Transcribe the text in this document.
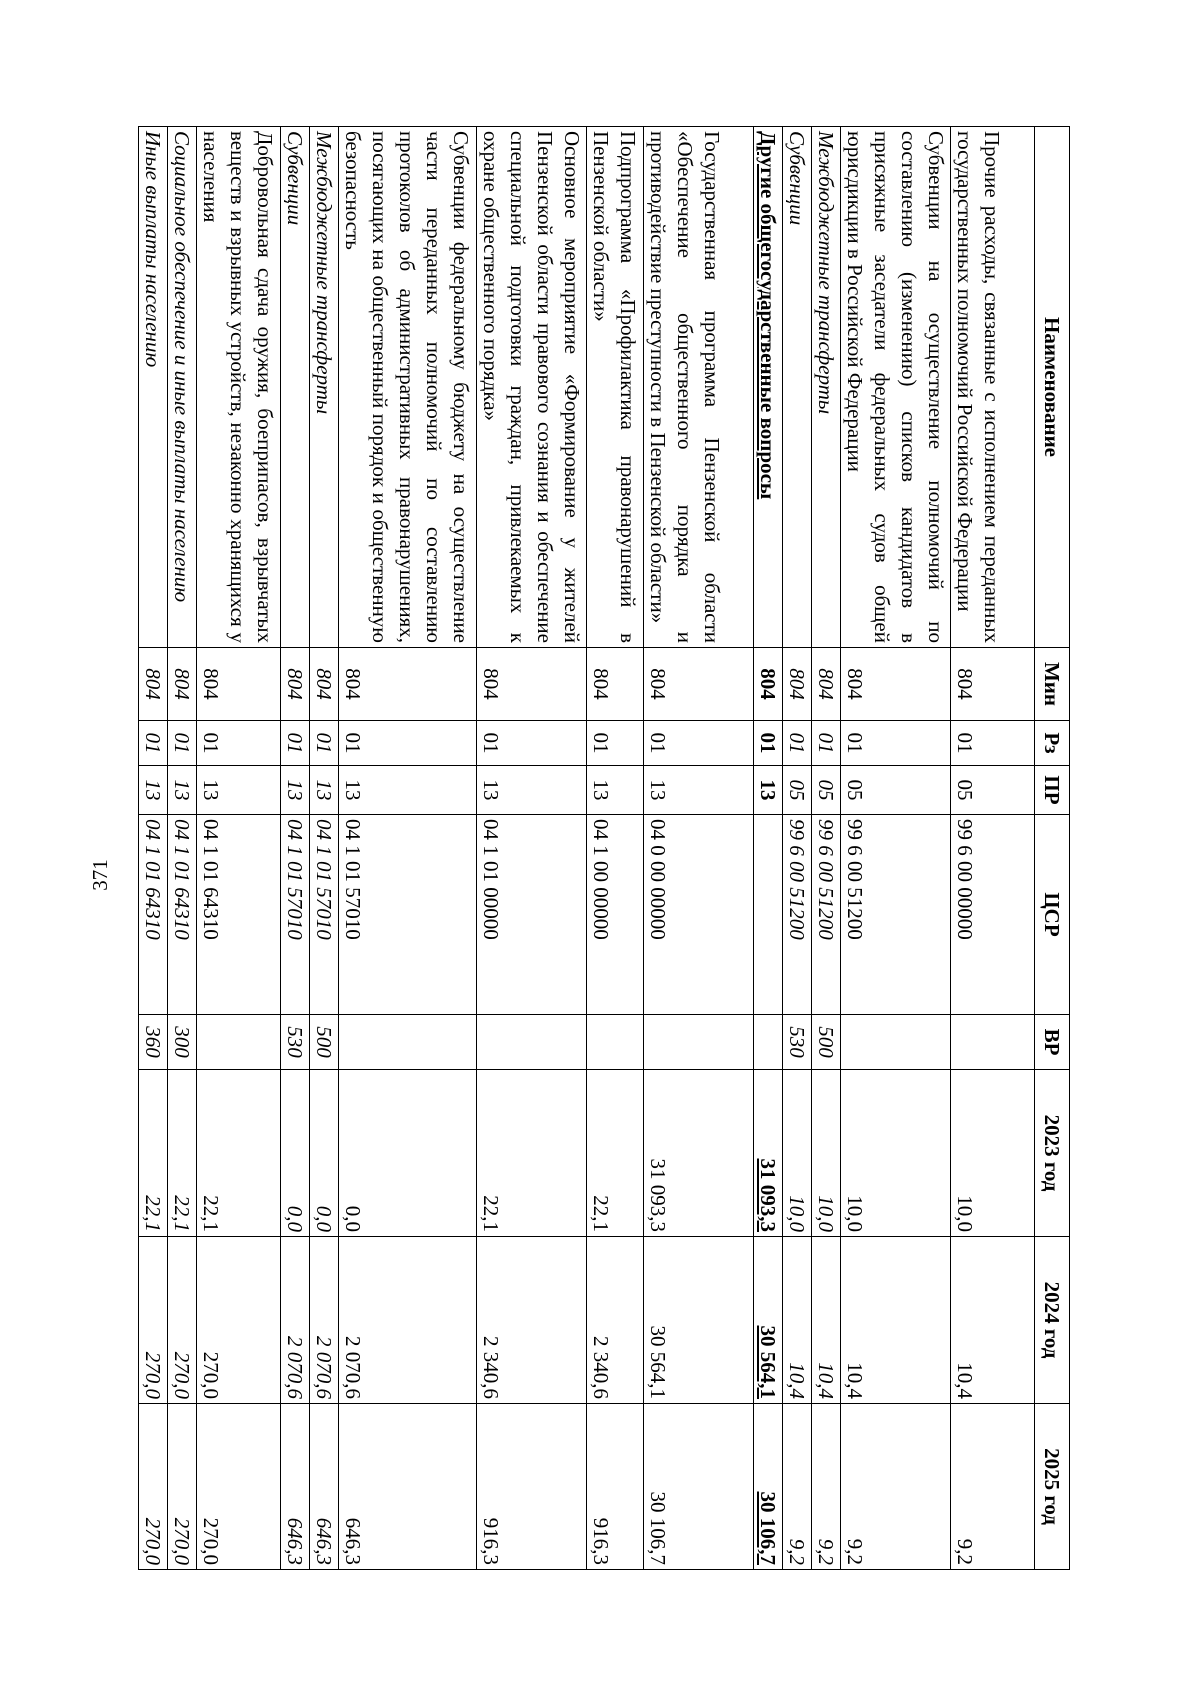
371
Наименование	Мин	Рз	ПР	ЦСР	ВР	2023 год	2024 год	2025 год
Прочие расходы, связанные с исполнением переданных государственных полномочий Российской Федерации	804	01	05	99 6 00 00000		10,0	10,4	9,2
Субвенции на осуществление полномочий по составлению (изменению) списков кандидатов в присяжные заседатели федеральных судов общей юрисдикции в Российской Федерации	804	01	05	99 6 00 51200		10,0	10,4	9,2
Межбюджетные трансферты	804	01	05	99 6 00 51200	500	10,0	10,4	9,2
Субвенции	804	01	05	99 6 00 51200	530	10,0	10,4	9,2
Другие общегосударственные вопросы	804	01	13			31 093,3	30 564,1	30 106,7
Государственная программа Пензенской области «Обеспечение общественного порядка и противодействие преступности в Пензенской области»	804	01	13	04 0 00 00000		31 093,3	30 564,1	30 106,7
Подпрограмма «Профилактика правонарушений в Пензенской области»	804	01	13	04 1 00 00000		22,1	2 340,6	916,3
Основное мероприятие «Формирование у жителей Пензенской области правового сознания и обеспечение специальной подготовки граждан, привлекаемых к охране общественного порядка»	804	01	13	04 1 01 00000		22,1	2 340,6	916,3
Субвенции федеральному бюджету на осуществление части переданных полномочий по составлению протоколов об административных правонарушениях, посягающих на общественный порядок и общественную безопасность	804	01	13	04 1 01 57010		0,0	2 070,6	646,3
Межбюджетные трансферты	804	01	13	04 1 01 57010	500	0,0	2 070,6	646,3
Субвенции	804	01	13	04 1 01 57010	530	0,0	2 070,6	646,3
Добровольная сдача оружия, боеприпасов, взрывчатых веществ и взрывных устройств, незаконно хранящихся у населения	804	01	13	04 1 01 64310		22,1	270,0	270,0
Социальное обеспечение и иные выплаты населению	804	01	13	04 1 01 64310	300	22,1	270,0	270,0
Иные выплаты населению	804	01	13	04 1 01 64310	360	22,1	270,0	270,0
